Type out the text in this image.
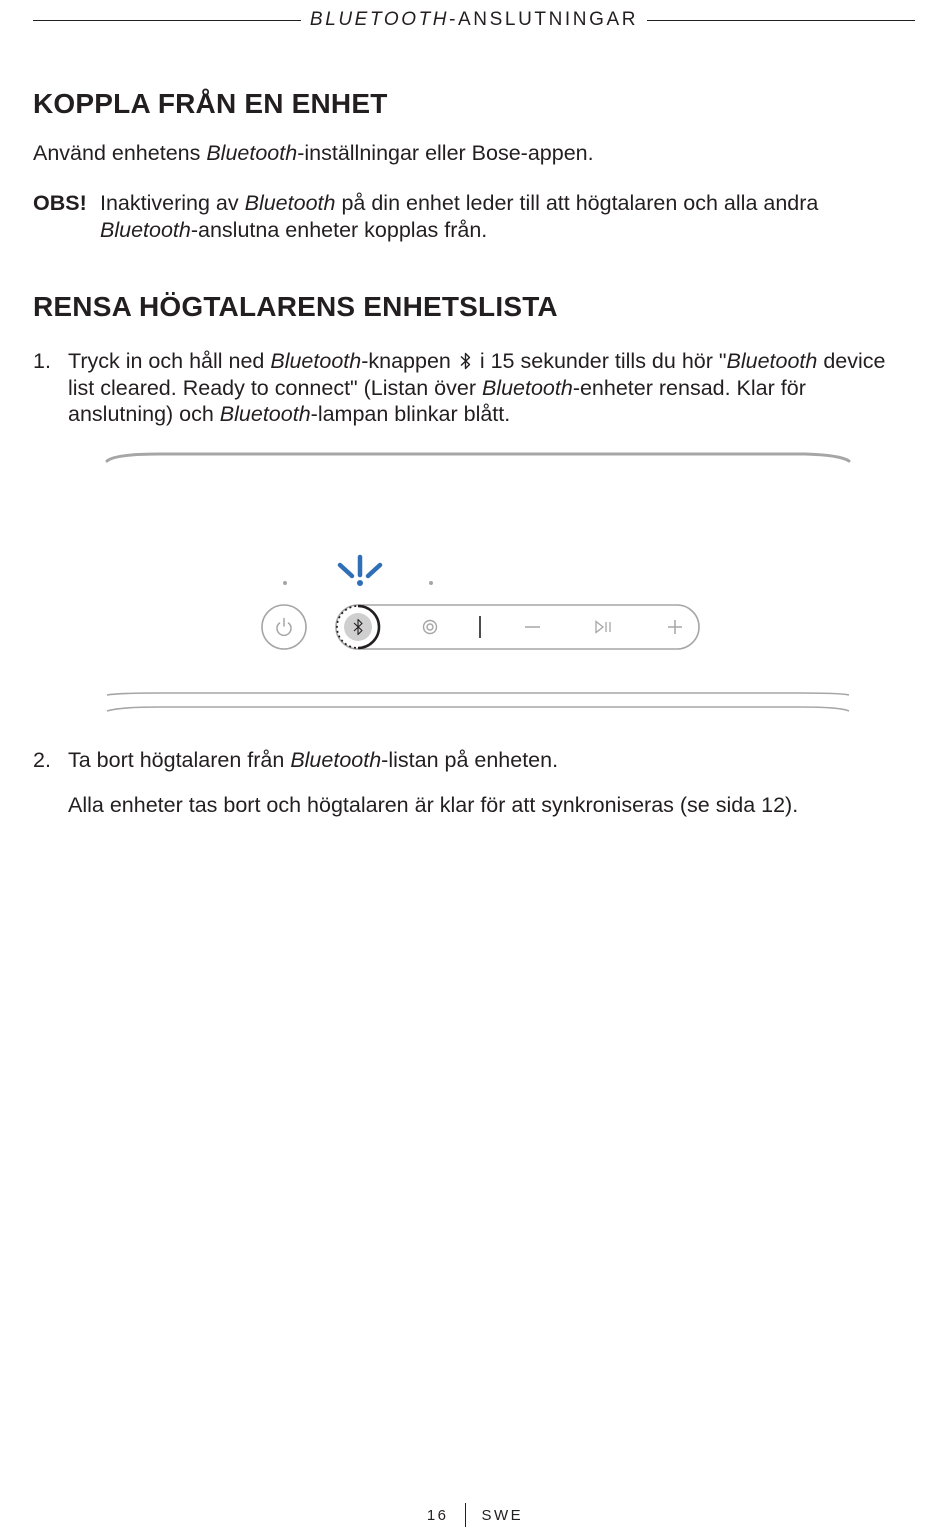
BLUETOOTH-ANSLUTNINGAR
KOPPLA FRÅN EN ENHET

Använd enhetens Bluetooth-inställningar eller Bose-appen.

OBS! Inaktivering av Bluetooth på din enhet leder till att högtalaren och alla andra Bluetooth-anslutna enheter kopplas från.
RENSA HÖGTALARENS ENHETSLISTA
1. Tryck in och håll ned Bluetooth-knappen i 15 sekunder tills du hör "Bluetooth device list cleared. Ready to connect" (Listan över Bluetooth-enheter rensad. Klar för anslutning) och Bluetooth-lampan blinkar blått.
2. Ta bort högtalaren från Bluetooth-listan på enheten.
Alla enheter tas bort och högtalaren är klar för att synkroniseras (se sida 12).
16 SWE
